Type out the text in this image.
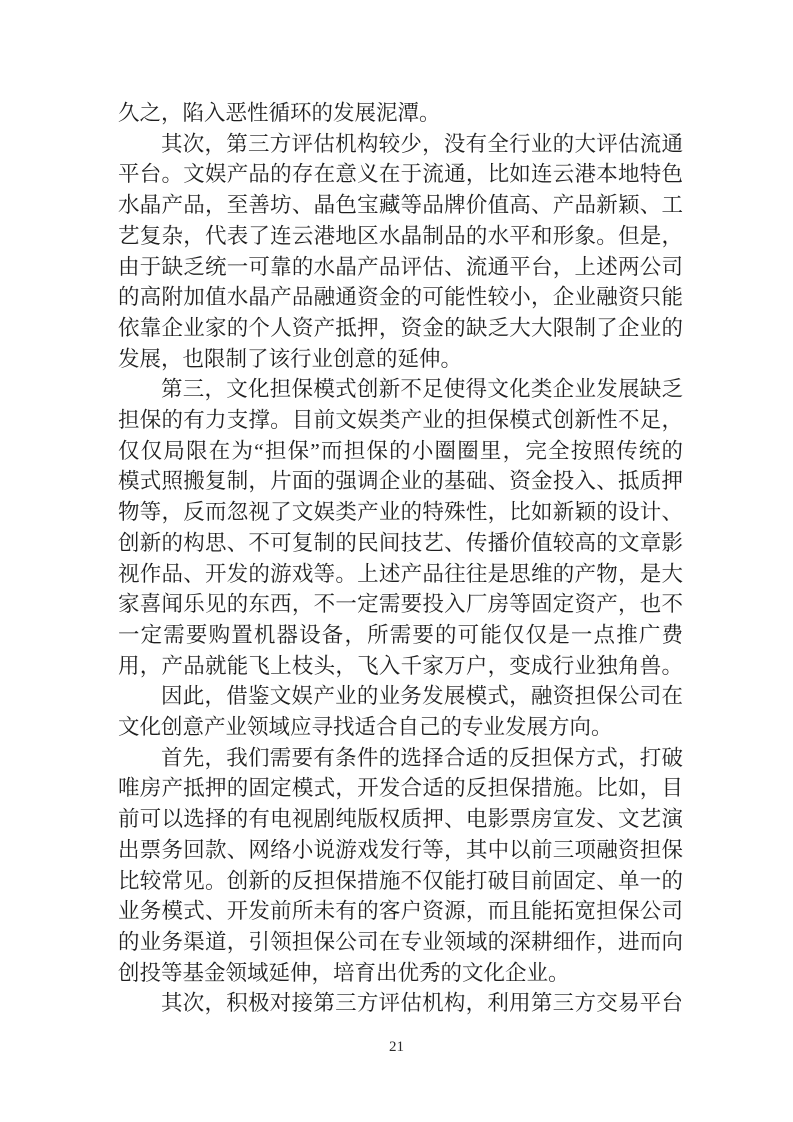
久之，陷入恶性循环的发展泥潭。
其次，第三方评估机构较少，没有全行业的大评估流通
平台。文娱产品的存在意义在于流通，比如连云港本地特色
水晶产品，至善坊、晶色宝藏等品牌价值高、产品新颖、工
艺复杂，代表了连云港地区水晶制品的水平和形象。但是，
由于缺乏统一可靠的水晶产品评估、流通平台，上述两公司
的高附加值水晶产品融通资金的可能性较小，企业融资只能
依靠企业家的个人资产抵押，资金的缺乏大大限制了企业的
发展，也限制了该行业创意的延伸。
第三，文化担保模式创新不足使得文化类企业发展缺乏
担保的有力支撑。目前文娱类产业的担保模式创新性不足，
仅仅局限在为“担保”而担保的小圈圈里，完全按照传统的
模式照搬复制，片面的强调企业的基础、资金投入、抵质押
物等，反而忽视了文娱类产业的特殊性，比如新颖的设计、
创新的构思、不可复制的民间技艺、传播价值较高的文章影
视作品、开发的游戏等。上述产品往往是思维的产物，是大
家喜闻乐见的东西，不一定需要投入厂房等固定资产，也不
一定需要购置机器设备，所需要的可能仅仅是一点推广费
用，产品就能飞上枝头，飞入千家万户，变成行业独角兽。
因此，借鉴文娱产业的业务发展模式，融资担保公司在
文化创意产业领域应寻找适合自己的专业发展方向。
首先，我们需要有条件的选择合适的反担保方式，打破
唯房产抵押的固定模式，开发合适的反担保措施。比如，目
前可以选择的有电视剧纯版权质押、电影票房宣发、文艺演
出票务回款、网络小说游戏发行等，其中以前三项融资担保
比较常见。创新的反担保措施不仅能打破目前固定、单一的
业务模式、开发前所未有的客户资源，而且能拓宽担保公司
的业务渠道，引领担保公司在专业领域的深耕细作，进而向
创投等基金领域延伸，培育出优秀的文化企业。
其次，积极对接第三方评估机构，利用第三方交易平台
21
